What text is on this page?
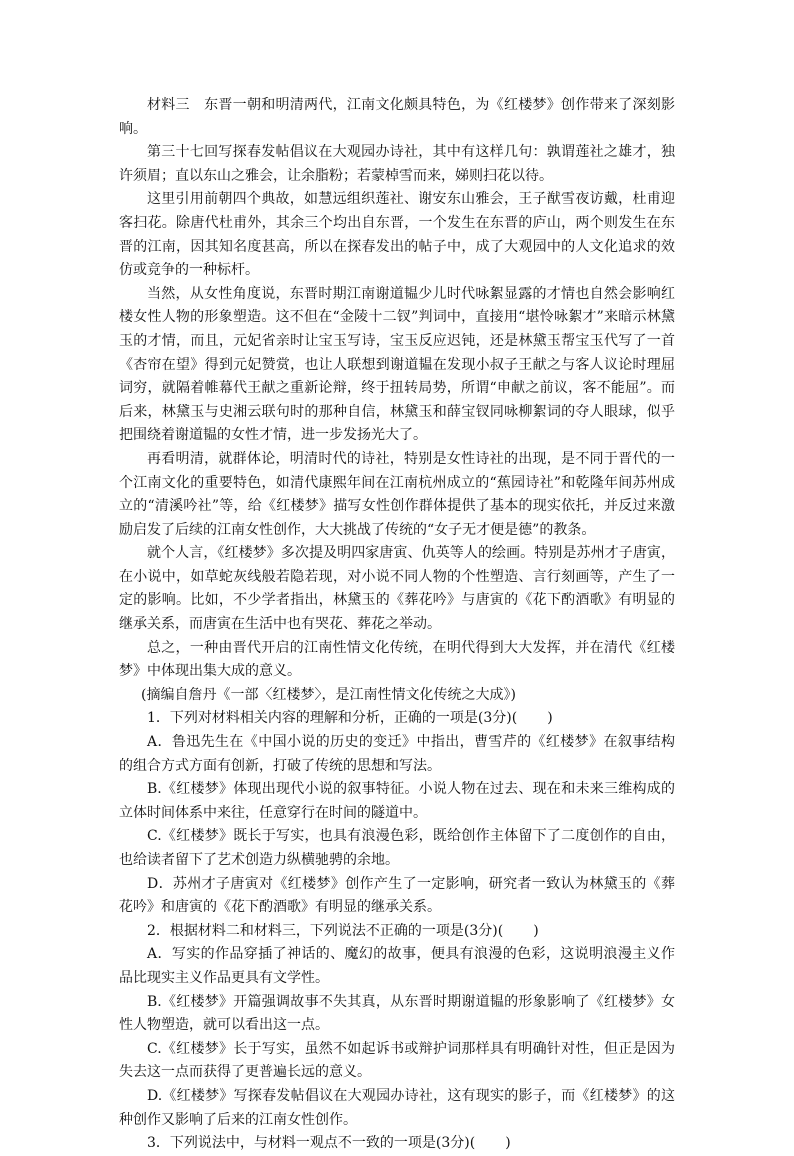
材料三　东晋一朝和明清两代，江南文化颇具特色，为《红楼梦》创作带来了深刻影响。

第三十七回写探春发帖倡议在大观园办诗社，其中有这样几句：孰谓莲社之雄才，独许须眉；直以东山之雅会，让余脂粉；若蒙棹雪而来，娣则扫花以待。

这里引用前朝四个典故，如慧远组织莲社、谢安东山雅会，王子猷雪夜访戴，杜甫迎客扫花。除唐代杜甫外，其余三个均出自东晋，一个发生在东晋的庐山，两个则发生在东晋的江南，因其知名度甚高，所以在探春发出的帖子中，成了大观园中的人文化追求的效仿或竞争的一种标杆。

当然，从女性角度说，东晋时期江南谢道韫少儿时代咏絮显露的才情也自然会影响红楼女性人物的形象塑造。这不但在“金陵十二钗”判词中，直接用“堪怜咏絮才”来暗示林黛玉的才情，而且，元妃省亲时让宝玉写诗，宝玉反应迟钝，还是林黛玉帮宝玉代写了一首《杏帘在望》得到元妃赞赏，也让人联想到谢道韫在发现小叔子王献之与客人议论时理屈词穷，就隔着帷幕代王献之重新论辩，终于扭转局势，所谓“申献之前议，客不能屈”。而后来，林黛玉与史湘云联句时的那种自信，林黛玉和薛宝钗同咏柳絮词的夺人眼球，似乎把围绕着谢道韫的女性才情，进一步发扬光大了。

再看明清，就群体论，明清时代的诗社，特别是女性诗社的出现，是不同于晋代的一个江南文化的重要特色，如清代康熙年间在江南杭州成立的“蕉园诗社”和乾隆年间苏州成立的“清溪吟社”等，给《红楼梦》描写女性创作群体提供了基本的现实依托，并反过来激励启发了后续的江南女性创作，大大挑战了传统的“女子无才便是德”的教条。

就个人言，《红楼梦》多次提及明四家唐寅、仇英等人的绘画。特别是苏州才子唐寅，在小说中，如草蛇灰线般若隐若现，对小说不同人物的个性塑造、言行刻画等，产生了一定的影响。比如，不少学者指出，林黛玉的《葬花吟》与唐寅的《花下酌酒歌》有明显的继承关系，而唐寅在生活中也有哭花、葬花之举动。

总之，一种由晋代开启的江南性情文化传统，在明代得到大大发挥，并在清代《红楼梦》中体现出集大成的意义。

(摘编自詹丹《一部〈红楼梦〉，是江南性情文化传统之大成》)

1．下列对材料相关内容的理解和分析，正确的一项是(3分)( )

A．鲁迅先生在《中国小说的历史的变迁》中指出，曹雪芹的《红楼梦》在叙事结构的组合方式方面有创新，打破了传统的思想和写法。

B.《红楼梦》体现出现代小说的叙事特征。小说人物在过去、现在和未来三维构成的立体时间体系中来往，任意穿行在时间的隧道中。

C.《红楼梦》既长于写实，也具有浪漫色彩，既给创作主体留下了二度创作的自由，也给读者留下了艺术创造力纵横驰骋的余地。

D．苏州才子唐寅对《红楼梦》创作产生了一定影响，研究者一致认为林黛玉的《葬花吟》和唐寅的《花下酌酒歌》有明显的继承关系。

2．根据材料二和材料三，下列说法不正确的一项是(3分)( )

A．写实的作品穿插了神话的、魔幻的故事，便具有浪漫的色彩，这说明浪漫主义作品比现实主义作品更具有文学性。

B.《红楼梦》开篇强调故事不失其真，从东晋时期谢道韫的形象影响了《红楼梦》女性人物塑造，就可以看出这一点。

C.《红楼梦》长于写实，虽然不如起诉书或辩护词那样具有明确针对性，但正是因为失去这一点而获得了更普遍长远的意义。

D.《红楼梦》写探春发帖倡议在大观园办诗社，这有现实的影子，而《红楼梦》的这种创作又影响了后来的江南女性创作。

3．下列说法中，与材料一观点不一致的一项是(3分)( )
